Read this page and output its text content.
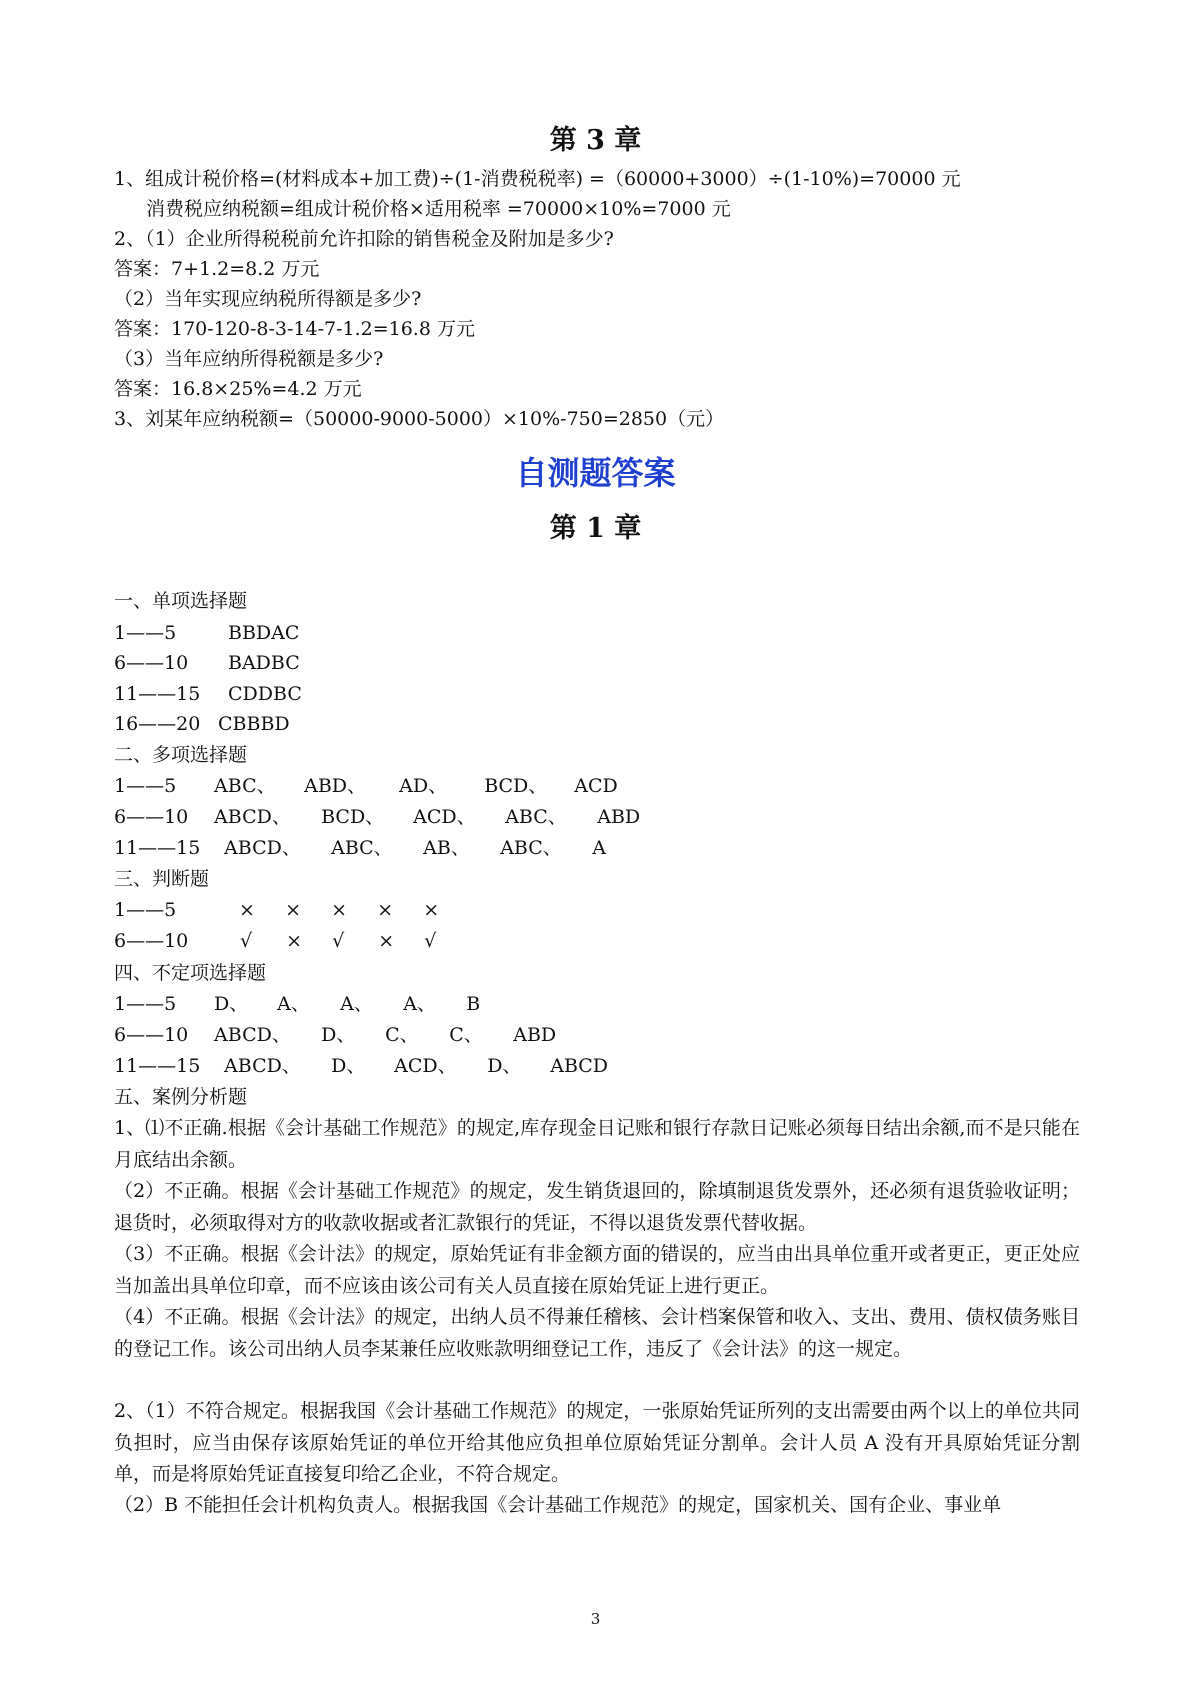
第 3 章

1、组成计税价格=(材料成本+加工费)÷(1-消费税税率) =（60000+3000）÷(1-10%)=70000 元

消费税应纳税额=组成计税价格×适用税率 =70000×10%=7000 元

2、（1）企业所得税税前允许扣除的销售税金及附加是多少?

答案：7+1.2=8.2 万元

（2）当年实现应纳税所得额是多少?

答案：170-120-8-3-14-7-1.2=16.8 万元

（3）当年应纳所得税额是多少?

答案：16.8×25%=4.2 万元

3、刘某年应纳税额=（50000-9000-5000）×10%-750=2850（元）

自测题答案
第 1 章

一、单项选择题

1——5	BBDAC
6——10 BADBC
11——15 CDDBC
16——20 CBBBD

二、多项选择题

1——5 ABC、 ABD、 AD、 BCD、 ACD
6——10 ABCD、 BCD、 ACD、 ABC、 ABD
11——15 ABCD、 ABC、 AB、 ABC、 A

三、判断题

1——5	× × × × ×
6——10	√ × √ × √

四、不定项选择题

1——5 D、 A、 A、 A、 B
6——10 ABCD、 D、 C、 C、 ABD
11——15 ABCD、 D、 ACD、 D、 ABCD

五、案例分析题

1、⑴不正确.根据《会计基础工作规范》的规定,库存现金日记账和银行存款日记账必须每日结出余额,而不是只能在月底结出余额。

（2）不正确。根据《会计基础工作规范》的规定，发生销货退回的，除填制退货发票外，还必须有退货验收证明；退货时，必须取得对方的收款收据或者汇款银行的凭证，不得以退货发票代替收据。

（3）不正确。根据《会计法》的规定，原始凭证有非金额方面的错误的，应当由出具单位重开或者更正，更正处应当加盖出具单位印章，而不应该由该公司有关人员直接在原始凭证上进行更正。

（4）不正确。根据《会计法》的规定，出纳人员不得兼任稽核、会计档案保管和收入、支出、费用、债权债务账目的登记工作。该公司出纳人员李某兼任应收账款明细登记工作，违反了《会计法》的这一规定。

2、（1）不符合规定。根据我国《会计基础工作规范》的规定，一张原始凭证所列的支出需要由两个以上的单位共同负担时，应当由保存该原始凭证的单位开给其他应负担单位原始凭证分割单。会计人员 A 没有开具原始凭证分割单，而是将原始凭证直接复印给乙企业，不符合规定。

（2）B 不能担任会计机构负责人。根据我国《会计基础工作规范》的规定，国家机关、国有企业、事业单

3
